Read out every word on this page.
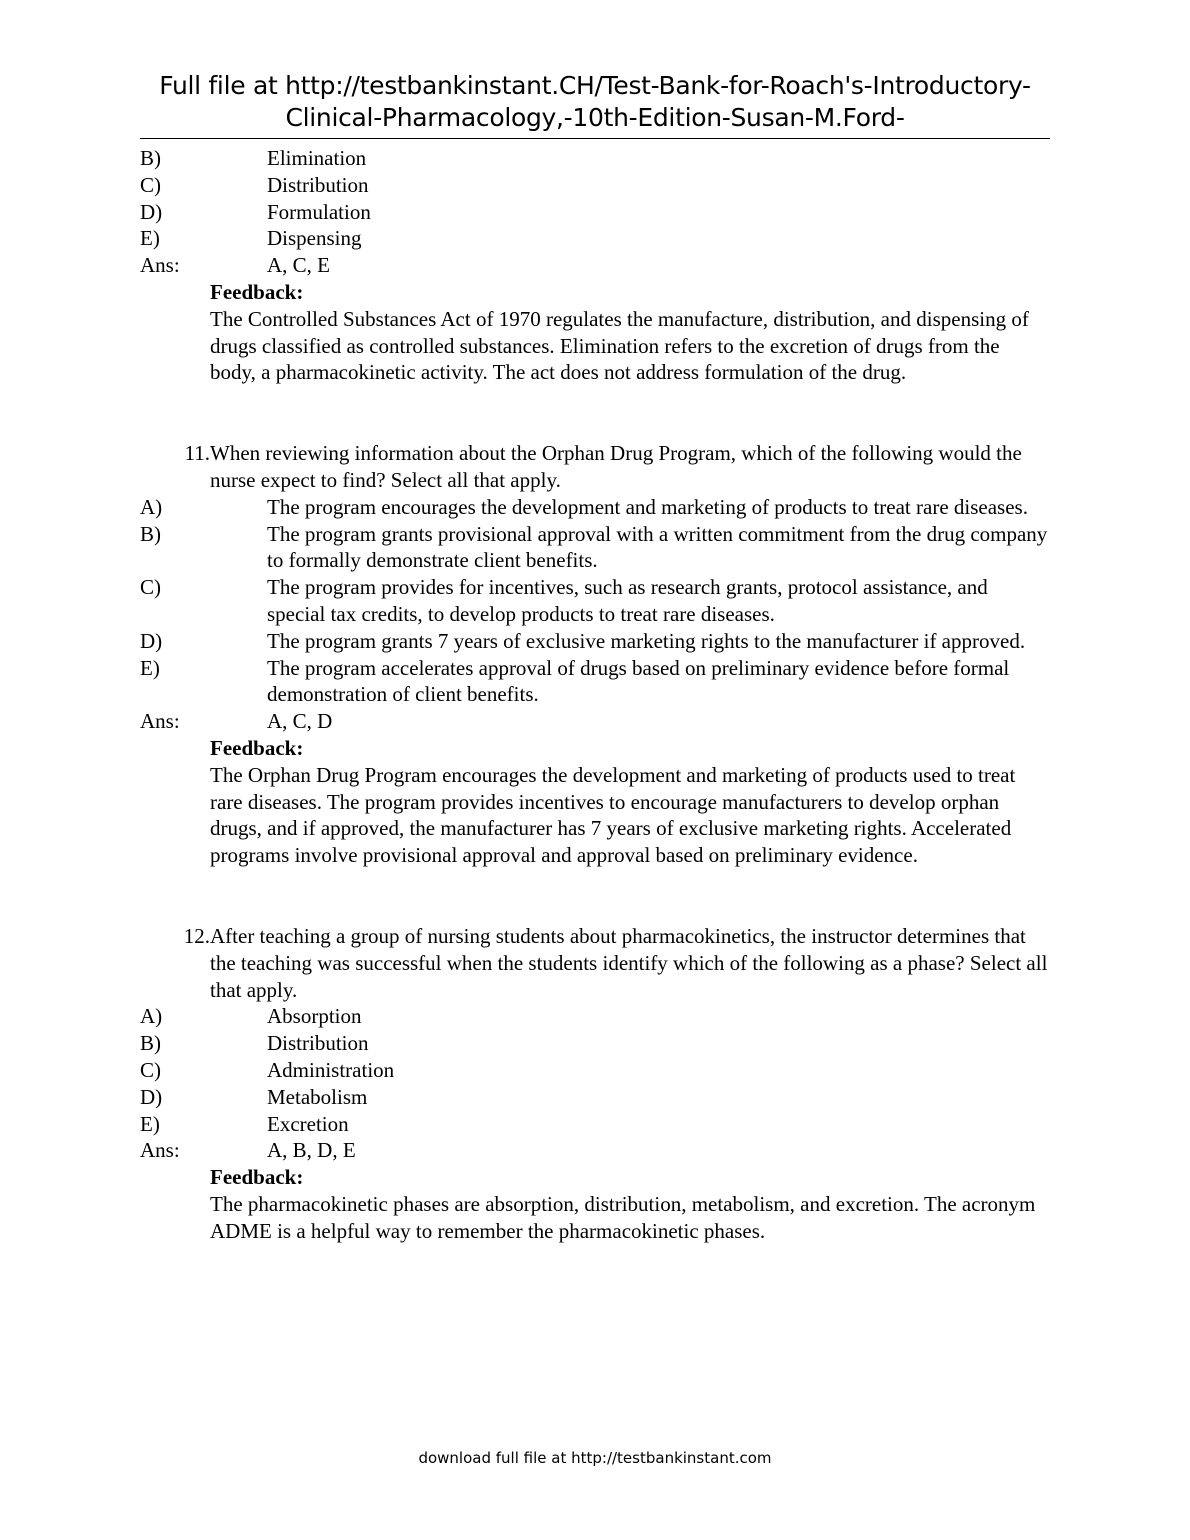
Full file at http://testbankinstant.CH/Test-Bank-for-Roach's-Introductory-
Clinical-Pharmacology,-10th-Edition-Susan-M.Ford-
B)	Elimination
C)	Distribution
D)	Formulation
E)	Dispensing
Ans:	A, C, E
Feedback:
The Controlled Substances Act of 1970 regulates the manufacture, distribution, and dispensing of drugs classified as controlled substances. Elimination refers to the excretion of drugs from the body, a pharmacokinetic activity. The act does not address formulation of the drug.
11. When reviewing information about the Orphan Drug Program, which of the following would the nurse expect to find? Select all that apply.
A)	The program encourages the development and marketing of products to treat rare diseases.
B)	The program grants provisional approval with a written commitment from the drug company to formally demonstrate client benefits.
C)	The program provides for incentives, such as research grants, protocol assistance, and special tax credits, to develop products to treat rare diseases.
D)	The program grants 7 years of exclusive marketing rights to the manufacturer if approved.
E)	The program accelerates approval of drugs based on preliminary evidence before formal demonstration of client benefits.
Ans:	A, C, D
Feedback:
The Orphan Drug Program encourages the development and marketing of products used to treat rare diseases. The program provides incentives to encourage manufacturers to develop orphan drugs, and if approved, the manufacturer has 7 years of exclusive marketing rights. Accelerated programs involve provisional approval and approval based on preliminary evidence.
12. After teaching a group of nursing students about pharmacokinetics, the instructor determines that the teaching was successful when the students identify which of the following as a phase? Select all that apply.
A)	Absorption
B)	Distribution
C)	Administration
D)	Metabolism
E)	Excretion
Ans:	A, B, D, E
Feedback:
The pharmacokinetic phases are absorption, distribution, metabolism, and excretion. The acronym ADME is a helpful way to remember the pharmacokinetic phases.
download full file at http://testbankinstant.com
